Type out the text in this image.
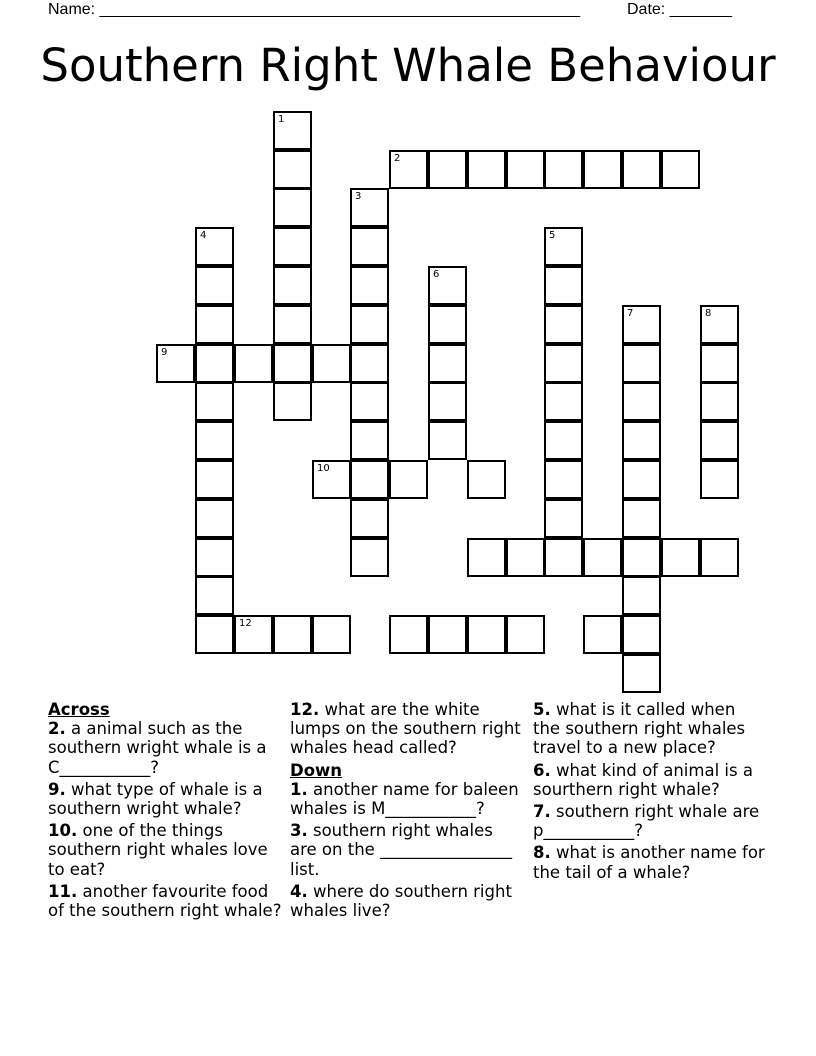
Name: ______________________________________________________	Date: _______
Southern Right Whale Behaviour
1
2
3
4	5
6
7	8
9
10
12
Across
2. a animal such as the southern wright whale is a C___________?
9. what type of whale is a southern wright whale?
10. one of the things southern right whales love to eat?
11. another favourite food of the southern right whale?
12. what are the white lumps on the southern right whales head called?
Down
1. another name for baleen whales is M___________?
3. southern right whales are on the ________________ list.
4. where do southern right whales live?
5. what is it called when the southern right whales travel to a new place?
6. what kind of animal is a sourthern right whale?
7. southern right whale are p___________?
8. what is another name for the tail of a whale?
